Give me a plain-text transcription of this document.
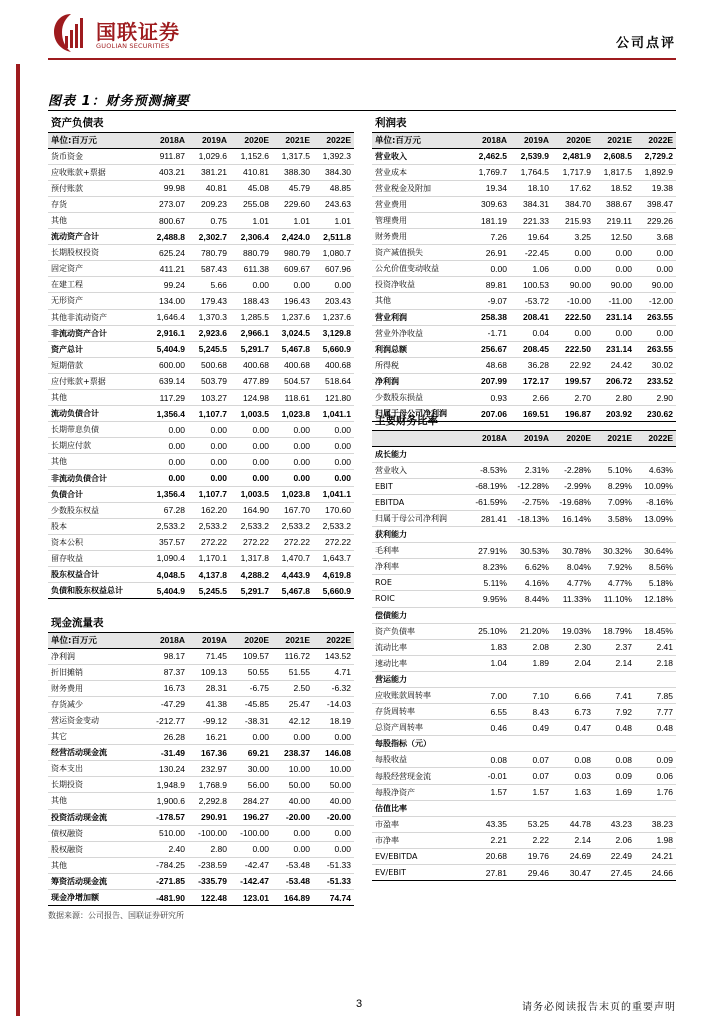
国联证券
GUOLIAN SECURITIES	公司点评
图表 1：财务预测摘要
资产负债表					
单位:百万元	2018A	2019A	2020E	2021E	2022E
货币资金	911.87	1,029.6	1,152.6	1,317.5	1,392.3
应收账款+票据	403.21	381.21	410.81	388.30	384.30
预付账款	99.98	40.81	45.08	45.79	48.85
存货	273.07	209.23	255.08	229.60	243.63
其他	800.67	0.75	1.01	1.01	1.01
流动资产合计	2,488.8	2,302.7	2,306.4	2,424.0	2,511.8
长期股权投资	625.24	780.79	880.79	980.79	1,080.7
固定资产	411.21	587.43	611.38	609.67	607.96
在建工程	99.24	5.66	0.00	0.00	0.00
无形资产	134.00	179.43	188.43	196.43	203.43
其他非流动资产	1,646.4	1,370.3	1,285.5	1,237.6	1,237.6
非流动资产合计	2,916.1	2,923.6	2,966.1	3,024.5	3,129.8
资产总计	5,404.9	5,245.5	5,291.7	5,467.8	5,660.9
短期借款	600.00	500.68	400.68	400.68	400.68
应付账款+票据	639.14	503.79	477.89	504.57	518.64
其他	117.29	103.27	124.98	118.61	121.80
流动负债合计	1,356.4	1,107.7	1,003.5	1,023.8	1,041.1
长期带息负债	0.00	0.00	0.00	0.00	0.00
长期应付款	0.00	0.00	0.00	0.00	0.00
其他	0.00	0.00	0.00	0.00	0.00
非流动负债合计	0.00	0.00	0.00	0.00	0.00
负债合计	1,356.4	1,107.7	1,003.5	1,023.8	1,041.1
少数股东权益	67.28	162.20	164.90	167.70	170.60
股本	2,533.2	2,533.2	2,533.2	2,533.2	2,533.2
资本公积	357.57	272.22	272.22	272.22	272.22
留存收益	1,090.4	1,170.1	1,317.8	1,470.7	1,643.7
股东权益合计	4,048.5	4,137.8	4,288.2	4,443.9	4,619.8
负债和股东权益总计	5,404.9	5,245.5	5,291.7	5,467.8	5,660.9
利润表					
单位:百万元	2018A	2019A	2020E	2021E	2022E
营业收入	2,462.5	2,539.9	2,481.9	2,608.5	2,729.2
营业成本	1,769.7	1,764.5	1,717.9	1,817.5	1,892.9
营业税金及附加	19.34	18.10	17.62	18.52	19.38
营业费用	309.63	384.31	384.70	388.67	398.47
管理费用	181.19	221.33	215.93	219.11	229.26
财务费用	7.26	19.64	3.25	12.50	3.68
资产减值损失	26.91	-22.45	0.00	0.00	0.00
公允价值变动收益	0.00	1.06	0.00	0.00	0.00
投资净收益	89.81	100.53	90.00	90.00	90.00
其他	-9.07	-53.72	-10.00	-11.00	-12.00
营业利润	258.38	208.41	222.50	231.14	263.55
营业外净收益	-1.71	0.04	0.00	0.00	0.00
利润总额	256.67	208.45	222.50	231.14	263.55
所得税	48.68	36.28	22.92	24.42	30.02
净利润	207.99	172.17	199.57	206.72	233.52
少数股东损益	0.93	2.66	2.70	2.80	2.90
归属于母公司净利润	207.06	169.51	196.87	203.92	230.62
主要财务比率					
	2018A	2019A	2020E	2021E	2022E
成长能力					
营业收入	-8.53%	2.31%	-2.28%	5.10%	4.63%
EBIT	-68.19%	-12.28%	-2.99%	8.29%	10.09%
EBITDA	-61.59%	-2.75%	-19.68%	7.09%	-8.16%
归属于母公司净利润	281.41	-18.13%	16.14%	3.58%	13.09%
获利能力					
毛利率	27.91%	30.53%	30.78%	30.32%	30.64%
净利率	8.23%	6.62%	8.04%	7.92%	8.56%
ROE	5.11%	4.16%	4.77%	4.77%	5.18%
ROIC	9.95%	8.44%	11.33%	11.10%	12.18%
偿债能力					
资产负债率	25.10%	21.20%	19.03%	18.79%	18.45%
流动比率	1.83	2.08	2.30	2.37	2.41
速动比率	1.04	1.89	2.04	2.14	2.18
营运能力					
应收账款周转率	7.00	7.10	6.66	7.41	7.85
存货周转率	6.55	8.43	6.73	7.92	7.77
总资产周转率	0.46	0.49	0.47	0.48	0.48
每股指标（元）					
每股收益	0.08	0.07	0.08	0.08	0.09
每股经营现金流	-0.01	0.07	0.03	0.09	0.06
每股净资产	1.57	1.57	1.63	1.69	1.76
估值比率					
市盈率	43.35	53.25	44.78	43.23	38.23
市净率	2.21	2.22	2.14	2.06	1.98
EV/EBITDA	20.68	19.76	24.69	22.49	24.21
EV/EBIT	27.81	29.46	30.47	27.45	24.66
现金流量表					
单位:百万元	2018A	2019A	2020E	2021E	2022E
净利润	98.17	71.45	109.57	116.72	143.52
折旧摊销	87.37	109.13	50.55	51.55	4.71
财务费用	16.73	28.31	-6.75	2.50	-6.32
存货减少	-47.29	41.38	-45.85	25.47	-14.03
营运资金变动	-212.77	-99.12	-38.31	42.12	18.19
其它	26.28	16.21	0.00	0.00	0.00
经营活动现金流	-31.49	167.36	69.21	238.37	146.08
资本支出	130.24	232.97	30.00	10.00	10.00
长期投资	1,948.9	1,768.9	56.00	50.00	50.00
其他	1,900.6	2,292.8	284.27	40.00	40.00
投资活动现金流	-178.57	290.91	196.27	-20.00	-20.00
债权融资	510.00	-100.00	-100.00	0.00	0.00
股权融资	2.40	2.80	0.00	0.00	0.00
其他	-784.25	-238.59	-42.47	-53.48	-51.33
筹资活动现金流	-271.85	-335.79	-142.47	-53.48	-51.33
现金净增加额	-481.90	122.48	123.01	164.89	74.74
数据来源：公司报告、国联证券研究所
3	请务必阅读报告末页的重要声明
